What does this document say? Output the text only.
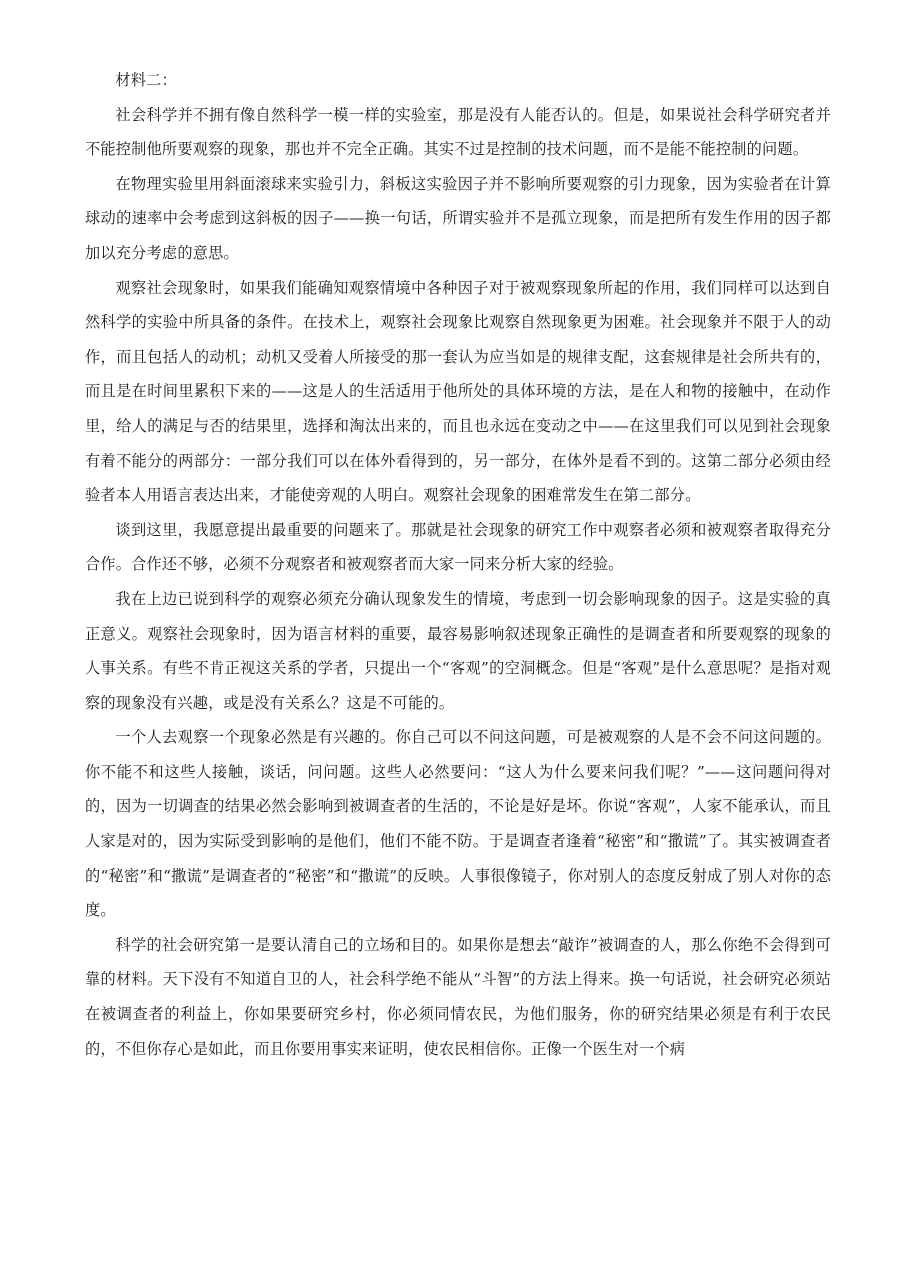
材料二：

社会科学并不拥有像自然科学一模一样的实验室，那是没有人能否认的。但是，如果说社会科学研究者并不能控制他所要观察的现象，那也并不完全正确。其实不过是控制的技术问题，而不是能不能控制的问题。

在物理实验里用斜面滚球来实验引力，斜板这实验因子并不影响所要观察的引力现象，因为实验者在计算球动的速率中会考虑到这斜板的因子——换一句话，所谓实验并不是孤立现象，而是把所有发生作用的因子都加以充分考虑的意思。

观察社会现象时，如果我们能确知观察情境中各种因子对于被观察现象所起的作用，我们同样可以达到自然科学的实验中所具备的条件。在技术上，观察社会现象比观察自然现象更为困难。社会现象并不限于人的动作，而且包括人的动机；动机又受着人所接受的那一套认为应当如是的规律支配，这套规律是社会所共有的，而且是在时间里累积下来的——这是人的生活适用于他所处的具体环境的方法，是在人和物的接触中，在动作里，给人的满足与否的结果里，选择和淘汰出来的，而且也永远在变动之中——在这里我们可以见到社会现象有着不能分的两部分：一部分我们可以在体外看得到的，另一部分，在体外是看不到的。这第二部分必须由经验者本人用语言表达出来，才能使旁观的人明白。观察社会现象的困难常发生在第二部分。

谈到这里，我愿意提出最重要的问题来了。那就是社会现象的研究工作中观察者必须和被观察者取得充分合作。合作还不够，必须不分观察者和被观察者而大家一同来分析大家的经验。

我在上边已说到科学的观察必须充分确认现象发生的情境，考虑到一切会影响现象的因子。这是实验的真正意义。观察社会现象时，因为语言材料的重要，最容易影响叙述现象正确性的是调查者和所要观察的现象的人事关系。有些不肯正视这关系的学者，只提出一个“客观”的空洞概念。但是“客观”是什么意思呢？是指对观察的现象没有兴趣，或是没有关系么？这是不可能的。

一个人去观察一个现象必然是有兴趣的。你自己可以不问这问题，可是被观察的人是不会不问这问题的。你不能不和这些人接触，谈话，问问题。这些人必然要问：“这人为什么要来问我们呢？”——这问题问得对的，因为一切调查的结果必然会影响到被调查者的生活的，不论是好是坏。你说“客观”，人家不能承认，而且人家是对的，因为实际受到影响的是他们，他们不能不防。于是调查者逢着“秘密”和“撒谎”了。其实被调查者的“秘密”和“撒谎”是调查者的“秘密”和“撒谎”的反映。人事很像镜子，你对别人的态度反射成了别人对你的态度。

科学的社会研究第一是要认清自己的立场和目的。如果你是想去“敲诈”被调查的人，那么你绝不会得到可靠的材料。天下没有不知道自卫的人，社会科学绝不能从“斗智”的方法上得来。换一句话说，社会研究必须站在被调查者的利益上，你如果要研究乡村，你必须同情农民，为他们服务，你的研究结果必须是有利于农民的，不但你存心是如此，而且你要用事实来证明，使农民相信你。正像一个医生对一个病
